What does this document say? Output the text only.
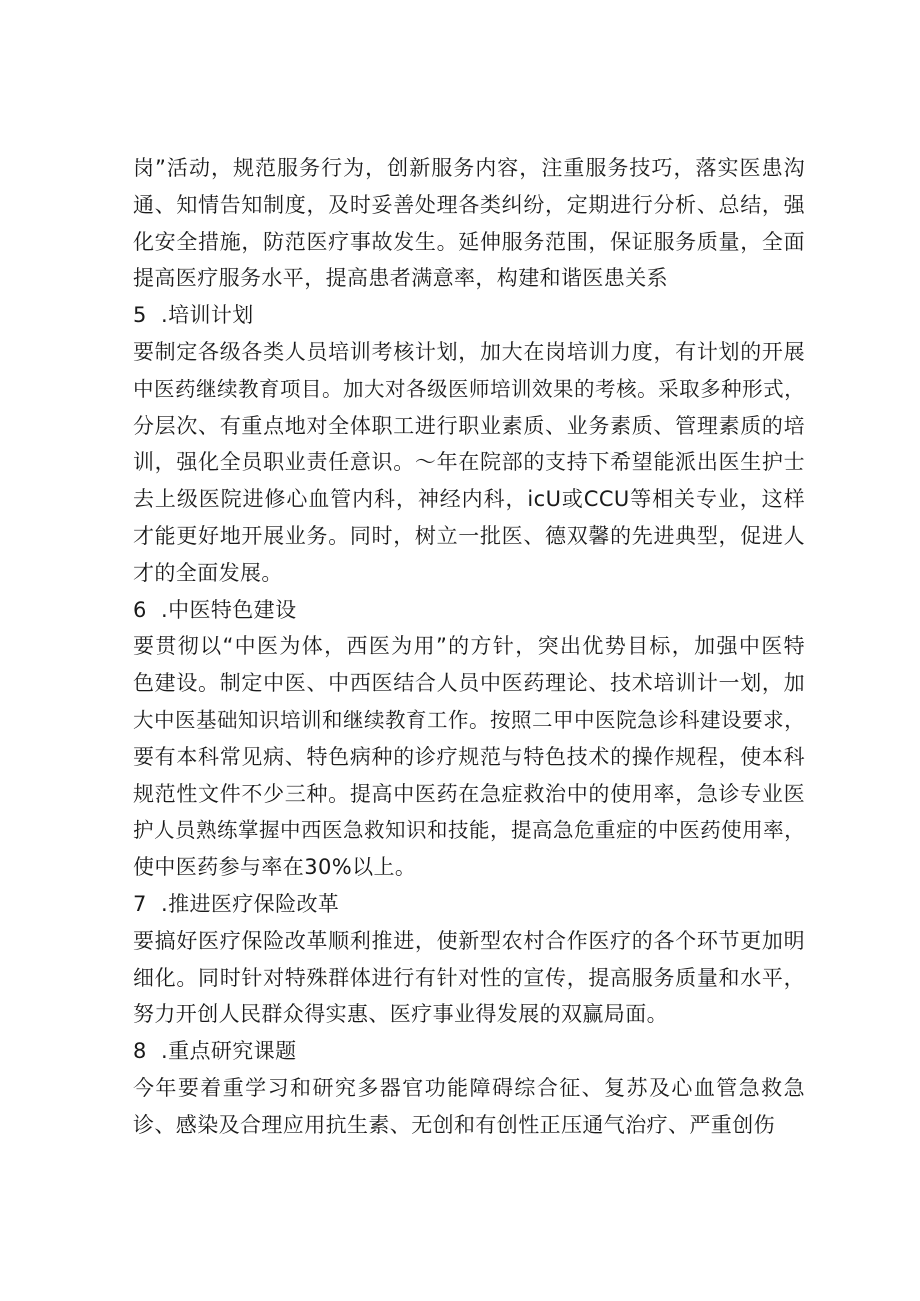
岗”活动，规范服务行为，创新服务内容，注重服务技巧，落实医患沟
通、知情告知制度，及时妥善处理各类纠纷，定期进行分析、总结，强
化安全措施，防范医疗事故发生。延伸服务范围，保证服务质量，全面
提高医疗服务水平，提高患者满意率，构建和谐医患关系
5 .培训计划
要制定各级各类人员培训考核计划，加大在岗培训力度，有计划的开展
中医药继续教育项目。加大对各级医师培训效果的考核。采取多种形式，
分层次、有重点地对全体职工进行职业素质、业务素质、管理素质的培
训，强化全员职业责任意识。～年在院部的支持下希望能派出医生护士
去上级医院进修心血管内科，神经内科，icU或CCU等相关专业，这样
才能更好地开展业务。同时，树立一批医、德双馨的先进典型，促进人
才的全面发展。
6 .中医特色建设
要贯彻以“中医为体，西医为用”的方针，突出优势目标，加强中医特
色建设。制定中医、中西医结合人员中医药理论、技术培训计一划，加
大中医基础知识培训和继续教育工作。按照二甲中医院急诊科建设要求，
要有本科常见病、特色病种的诊疗规范与特色技术的操作规程，使本科
规范性文件不少三种。提高中医药在急症救治中的使用率，急诊专业医
护人员熟练掌握中西医急救知识和技能，提高急危重症的中医药使用率，
使中医药参与率在30%以上。
7 .推进医疗保险改革
要搞好医疗保险改革顺利推进，使新型农村合作医疗的各个环节更加明
细化。同时针对特殊群体进行有针对性的宣传，提高服务质量和水平，
努力开创人民群众得实惠、医疗事业得发展的双赢局面。
8 .重点研究课题
今年要着重学习和研究多器官功能障碍综合征、复苏及心血管急救急
诊、感染及合理应用抗生素、无创和有创性正压通气治疗、严重创伤
